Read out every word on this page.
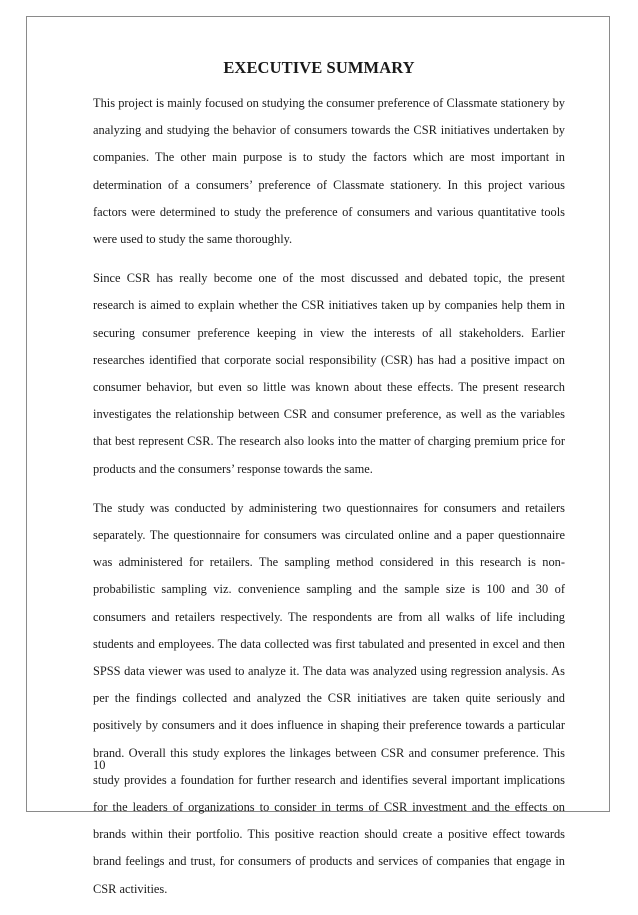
EXECUTIVE SUMMARY

This project is mainly focused on studying the consumer preference of Classmate stationery by analyzing and studying the behavior of consumers towards the CSR initiatives undertaken by companies. The other main purpose is to study the factors which are most important in determination of a consumers’ preference of Classmate stationery. In this project various factors were determined to study the preference of consumers and various quantitative tools were used to study the same thoroughly.

Since CSR has really become one of the most discussed and debated topic, the present research is aimed to explain whether the CSR initiatives taken up by companies help them in securing consumer preference keeping in view the interests of all stakeholders. Earlier researches identified that corporate social responsibility (CSR) has had a positive impact on consumer behavior, but even so little was known about these effects. The present research investigates the relationship between CSR and consumer preference, as well as the variables that best represent CSR. The research also looks into the matter of charging premium price for products and the consumers’ response towards the same.

The study was conducted by administering two questionnaires for consumers and retailers separately. The questionnaire for consumers was circulated online and a paper questionnaire was administered for retailers. The sampling method considered in this research is non-probabilistic sampling viz. convenience sampling and the sample size is 100 and 30 of consumers and retailers respectively. The respondents are from all walks of life including students and employees. The data collected was first tabulated and presented in excel and then SPSS data viewer was used to analyze it. The data was analyzed using regression analysis. As per the findings collected and analyzed the CSR initiatives are taken quite seriously and positively by consumers and it does influence in shaping their preference towards a particular brand. Overall this study explores the linkages between CSR and consumer preference. This study provides a foundation for further research and identifies several important implications for the leaders of organizations to consider in terms of CSR investment and the effects on brands within their portfolio. This positive reaction should create a positive effect towards brand feelings and trust, for consumers of products and services of companies that engage in CSR activities.

10
